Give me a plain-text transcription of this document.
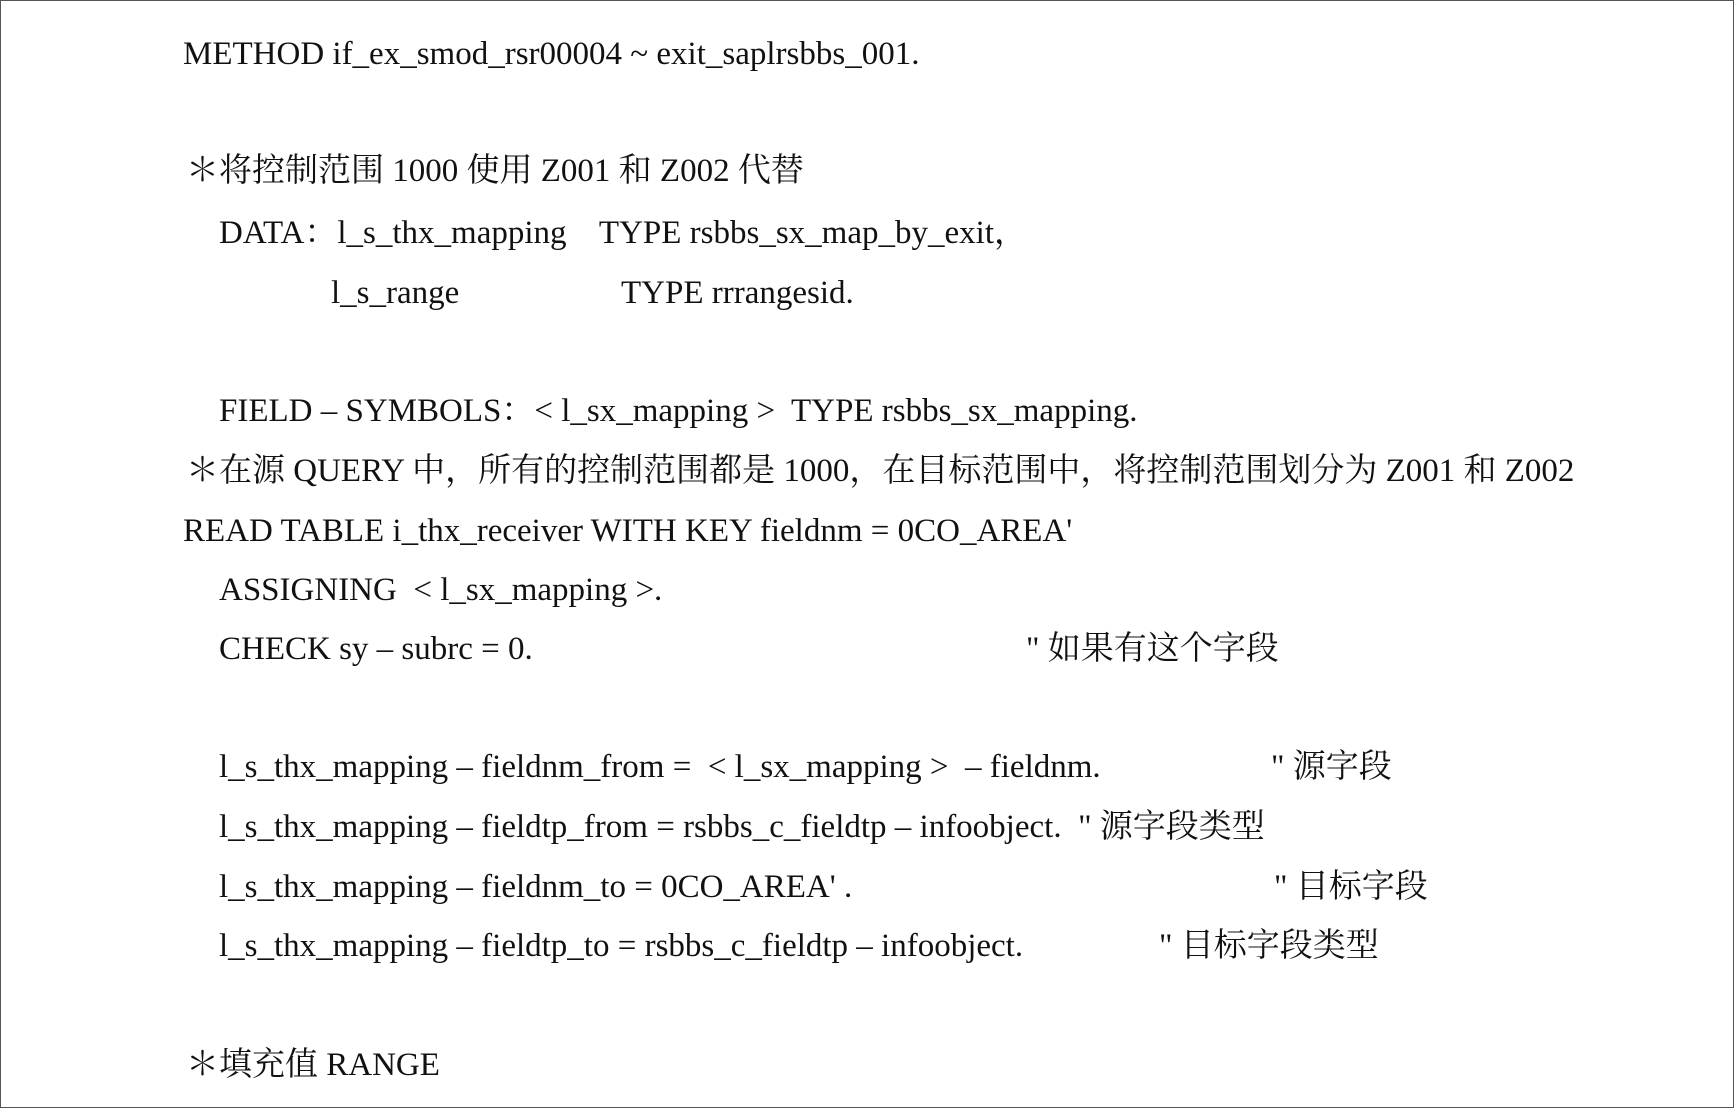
METHOD if_ex_smod_rsr00004 ~ exit_saplrsbbs_001.
＊将控制范围 1000 使用 Z001 和 Z002 代替
DATA：l_s_thx_mapping    TYPE rsbbs_sx_map_by_exit，
l_s_range	TYPE rrrangesid.
FIELD – SYMBOLS：< l_sx_mapping >  TYPE rsbbs_sx_mapping.
＊在源 QUERY 中，所有的控制范围都是 1000，在目标范围中，将控制范围划分为 Z001 和 Z002
READ TABLE i_thx_receiver WITH KEY fieldnm = 0CO_AREA'
ASSIGNING  < l_sx_mapping >.
CHECK sy – subrc = 0.	" 如果有这个字段
l_s_thx_mapping – fieldnm_from =  < l_sx_mapping >  – fieldnm.	" 源字段
l_s_thx_mapping – fieldtp_from = rsbbs_c_fieldtp – infoobject.  " 源字段类型
l_s_thx_mapping – fieldnm_to = 0CO_AREA' .	" 目标字段
l_s_thx_mapping – fieldtp_to = rsbbs_c_fieldtp – infoobject.	" 目标字段类型
＊填充值 RANGE
